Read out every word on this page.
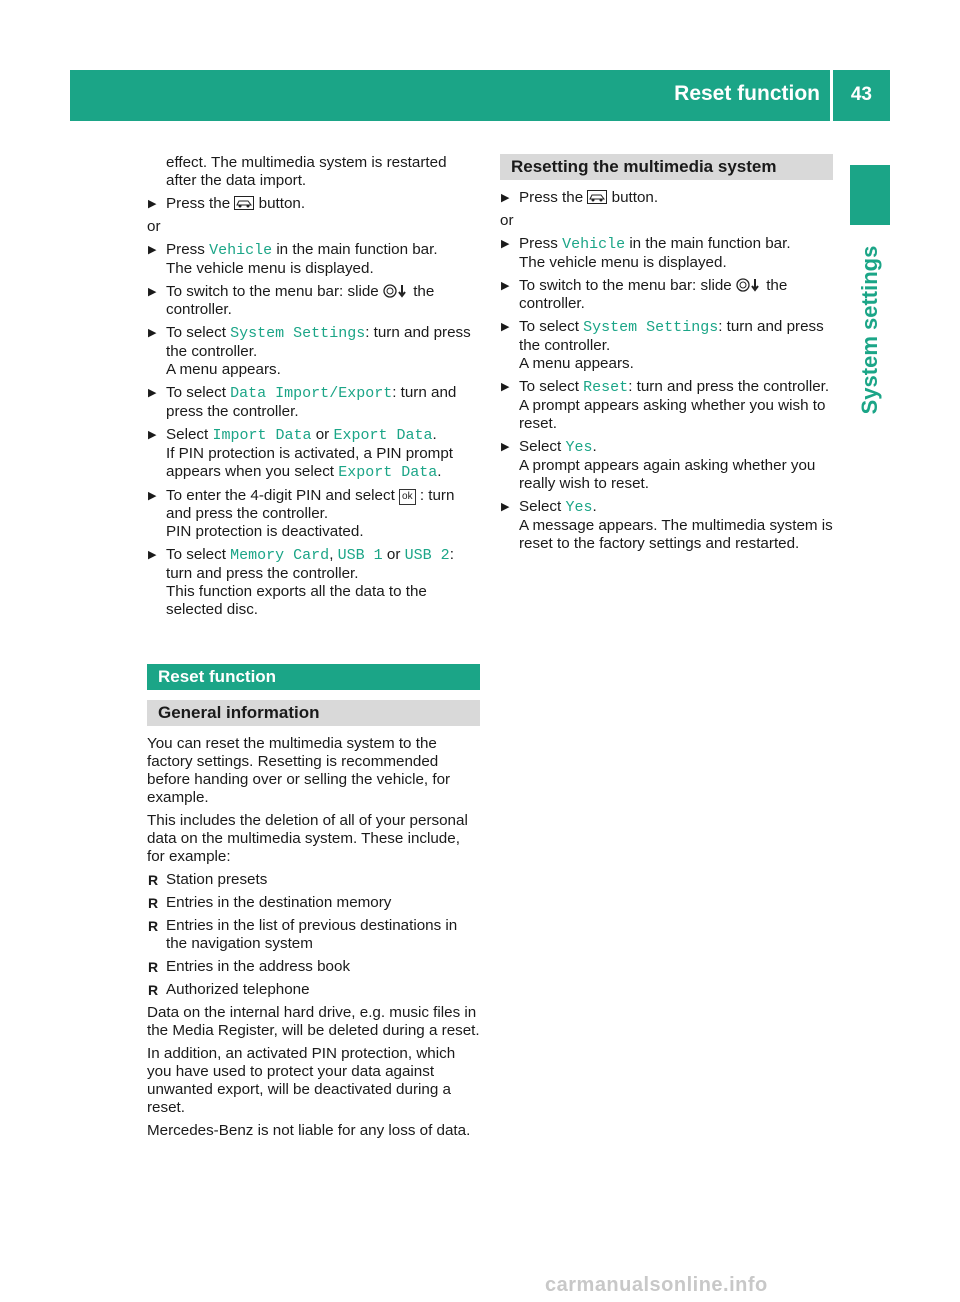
Reset function 43
System settings

effect. The multimedia system is restarted after the data import.

▶ Press the button.

or

▶ Press Vehicle in the main function bar.
The vehicle menu is displayed.
▶ To switch to the menu bar: slide the controller.
▶ To select System Settings: turn and press the controller.
A menu appears.
▶ To select Data Import/Export: turn and press the controller.
▶ Select Import Data or Export Data.
If PIN protection is activated, a PIN prompt appears when you select Export Data.
▶ To enter the 4-digit PIN and select ok : turn and press the controller.
PIN protection is deactivated.
▶ To select Memory Card, USB 1 or USB 2: turn and press the controller.
This function exports all the data to the selected disc.
Reset function
General information

You can reset the multimedia system to the factory settings. Resetting is recommended before handing over or selling the vehicle, for example.

This includes the deletion of all of your personal data on the multimedia system. These include, for example:

R Station presets
R Entries in the destination memory
R Entries in the list of previous destinations in the navigation system
R Entries in the address book
R Authorized telephone

Data on the internal hard drive, e.g. music files in the Media Register, will be deleted during a reset.

In addition, an activated PIN protection, which you have used to protect your data against unwanted export, will be deactivated during a reset.

Mercedes-Benz is not liable for any loss of data.

Resetting the multimedia system
▶ Press the button.

or

▶ Press Vehicle in the main function bar.
The vehicle menu is displayed.
▶ To switch to the menu bar: slide the controller.
▶ To select System Settings: turn and press the controller.
A menu appears.
▶ To select Reset: turn and press the controller.
A prompt appears asking whether you wish to reset.
▶ Select Yes.
A prompt appears again asking whether you really wish to reset.
▶ Select Yes.
A message appears. The multimedia system is reset to the factory settings and restarted.
carmanualsonline.info
